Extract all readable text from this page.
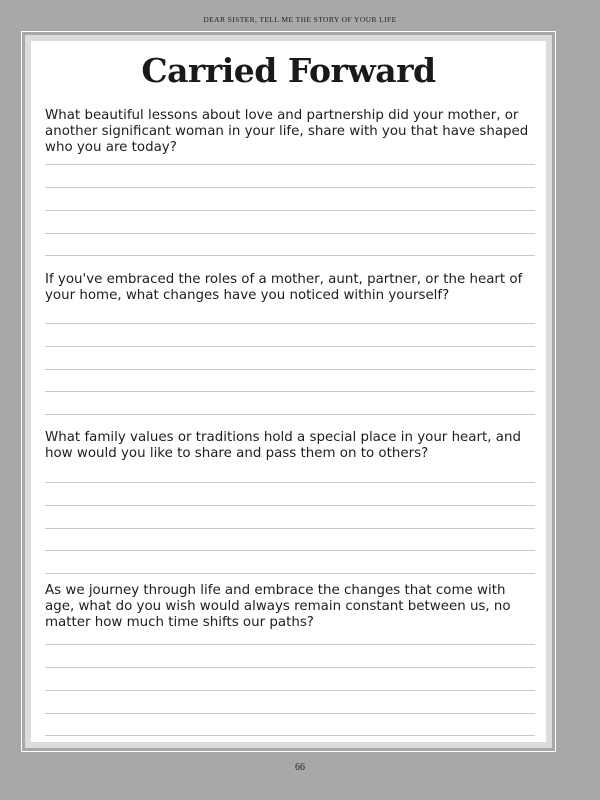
DEAR SISTER, TELL ME THE STORY OF YOUR LIFE
Carried Forward
What beautiful lessons about love and partnership did your mother, or another significant woman in your life, share with you that have shaped who you are today?
If you've embraced the roles of a mother, aunt, partner, or the heart of your home, what changes have you noticed within yourself?
What family values or traditions hold a special place in your heart, and how would you like to share and pass them on to others?
As we journey through life and embrace the changes that come with age, what do you wish would always remain constant between us, no matter how much time shifts our paths?
66
